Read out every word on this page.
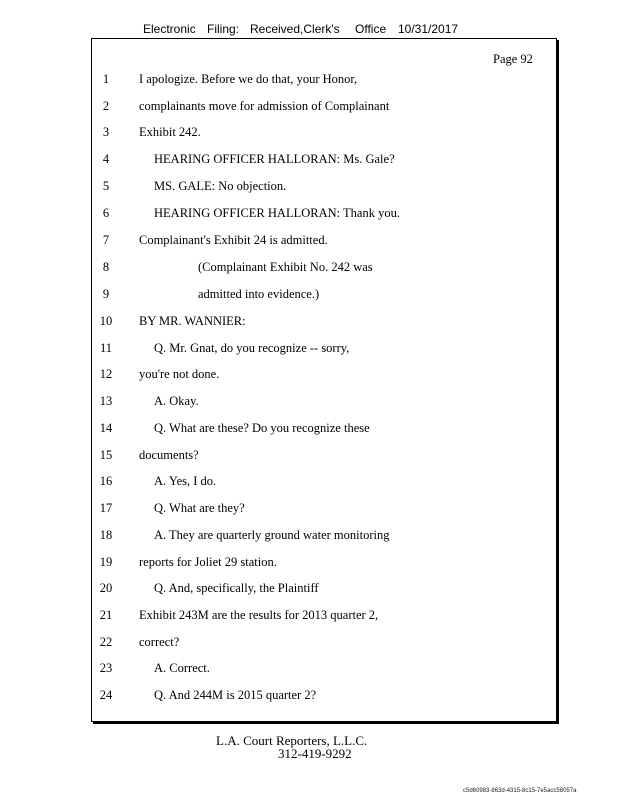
Electronic Filing: Received,Clerk's Office 10/31/2017
Page 92
1	I apologize. Before we do that, your Honor,
2	complainants move for admission of Complainant
3	Exhibit 242.
4	HEARING OFFICER HALLORAN: Ms. Gale?
5	MS. GALE: No objection.
6	HEARING OFFICER HALLORAN: Thank you.
7	Complainant's Exhibit 24 is admitted.
8	(Complainant Exhibit No. 242 was
9	admitted into evidence.)
10	BY MR. WANNIER:
11	Q. Mr. Gnat, do you recognize -- sorry,
12	you're not done.
13	A. Okay.
14	Q. What are these? Do you recognize these
15	documents?
16	A. Yes, I do.
17	Q. What are they?
18	A. They are quarterly ground water monitoring
19	reports for Joliet 29 station.
20	Q. And, specifically, the Plaintiff
21	Exhibit 243M are the results for 2013 quarter 2,
22	correct?
23	A. Correct.
24	Q. And 244M is 2015 quarter 2?
L.A. Court Reporters, L.L.C.
312-419-9292
c5d60983-863d-4315-8c15-7e5acc58057a
